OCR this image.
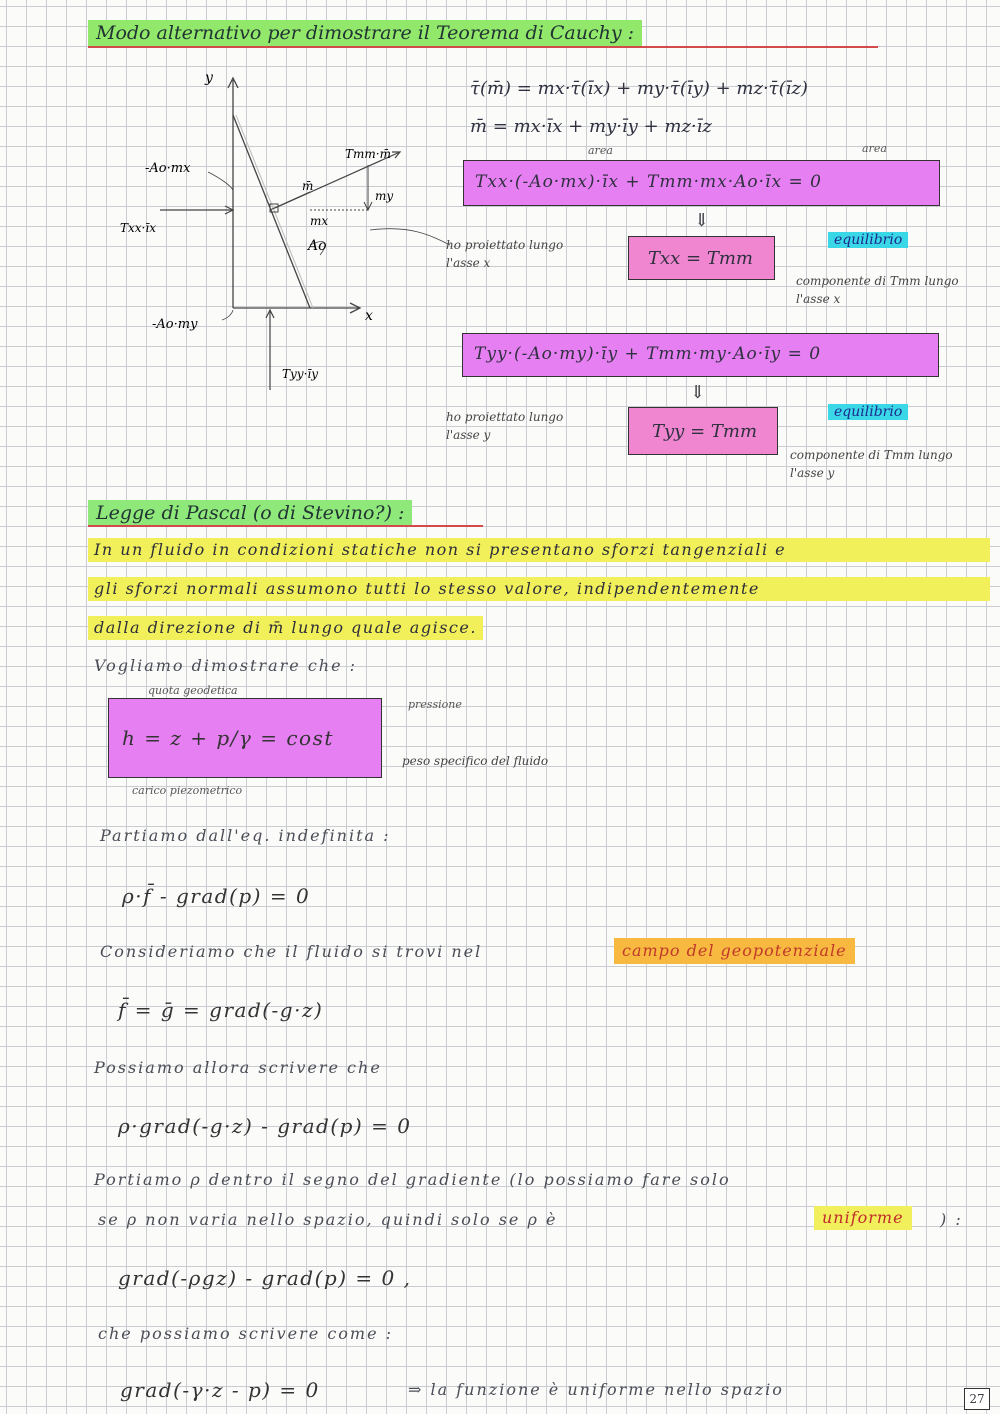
Modo alternativo per dimostrare il Teorema di Cauchy :
y
x
-Ao·mx
Txx·īx
Tmm·m̄
m̄
my
mx
Ao
-Ao·my
Tyy·īy
τ̄(m̄) = mx·τ̄(īx) + my·τ̄(īy) + mz·τ̄(īz)
m̄ = mx·īx + my·īy + mz·īz
area	area
Txx·(-Ao·mx)·īx + Tmm·mx·Ao·īx = 0
⇓
Txx = Tmm
ho proiettato lungo l'asse x
equilibrio
componente di Tmm lungo l'asse x
Tyy·(-Ao·my)·īy + Tmm·my·Ao·īy = 0
⇓
Tyy = Tmm
ho proiettato lungo l'asse y
equilibrio
componente di Tmm lungo l'asse y
Legge di Pascal (o di Stevino?) :
In un fluido in condizioni statiche non si presentano sforzi tangenziali e
gli sforzi normali assumono tutti lo stesso valore, indipendentemente
dalla direzione di m̄ lungo quale agisce.
Vogliamo dimostrare che :
quota geodetica
pressione
h = z + p/γ = cost
peso specifico del fluido
carico piezometrico
Partiamo dall'eq. indefinita :
ρ·f̄ - grad(p) = 0
Consideriamo che il fluido si trovi nel	campo del geopotenziale
f̄ = ḡ = grad(-g·z)
Possiamo allora scrivere che
ρ·grad(-g·z) - grad(p) = 0
Portiamo ρ dentro il segno del gradiente (lo possiamo fare solo
se ρ non varia nello spazio, quindi solo se ρ è	uniforme	) :
grad(-ρgz) - grad(p) = 0 ,
che possiamo scrivere come :
grad(-γ·z - p) = 0	⇒ la funzione è uniforme nello spazio	27
